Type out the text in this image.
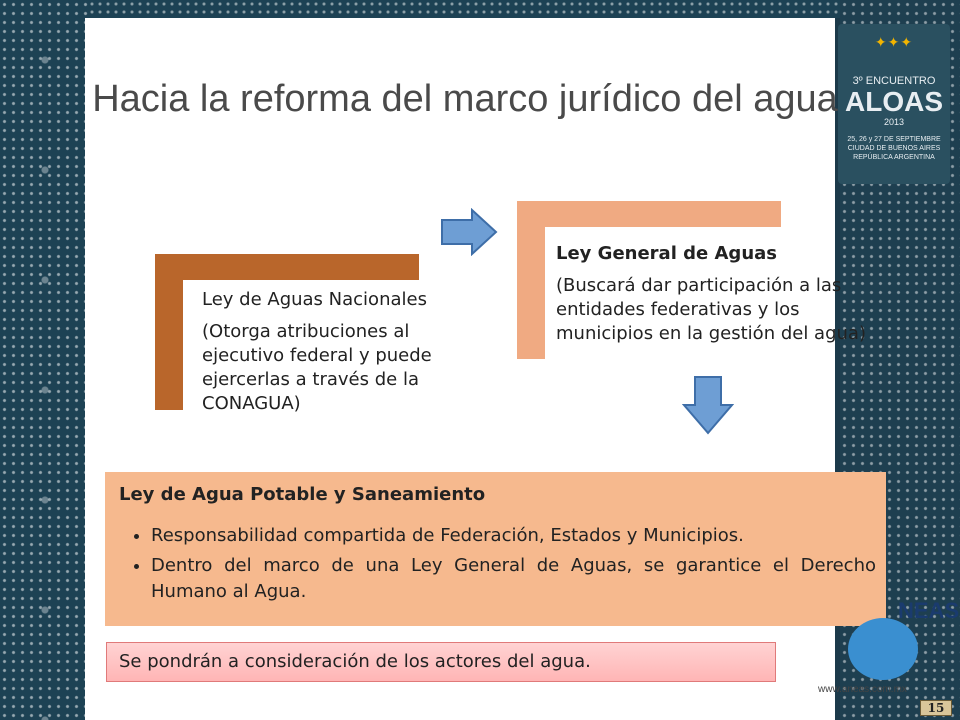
✦✦✦
3º ENCUENTRO
ALOAS
2013
25, 26 y 27 DE SEPTIEMBRE CIUDAD DE BUENOS AIRES REPÚBLICA ARGENTINA
Hacia la reforma del marco jurídico del agua

Ley de Aguas Nacionales

(Otorga atribuciones al ejecutivo federal y puede ejercerlas a través de la CONAGUA)

Ley General de Aguas

(Buscará dar participación a las entidades federativas y los municipios en la gestión del agua)

Ley de Agua Potable y Saneamiento
• Responsabilidad compartida de Federación, Estados y Municipios.
• Dentro del marco de una Ley General de Aguas, se garantice el Derecho Humano al Agua.
Se pondrán a consideración de los actores del agua.
NEAS
www.aneas.com.mx
15
